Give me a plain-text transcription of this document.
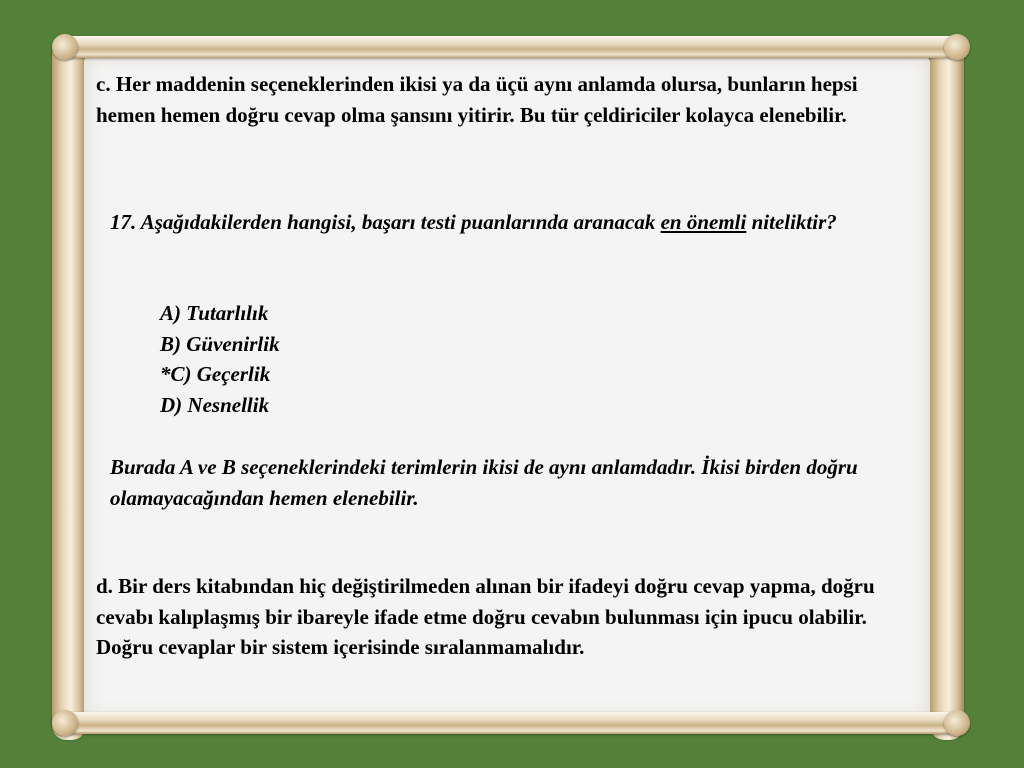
c. Her maddenin seçeneklerinden ikisi ya da üçü aynı anlamda olursa, bunların hepsi hemen hemen doğru cevap olma şansını yitirir. Bu tür çeldiriciler kolayca elenebilir.

17. Aşağıdakilerden hangisi, başarı testi puanlarında aranacak en önemli niteliktir?

A) Tutarlılık
B) Güvenirlik
*C) Geçerlik
D) Nesnellik

Burada A ve B seçeneklerindeki terimlerin ikisi de aynı anlamdadır. İkisi birden doğru olamayacağından hemen elenebilir.

d. Bir ders kitabından hiç değiştirilmeden alınan bir ifadeyi doğru cevap yapma, doğru cevabı kalıplaşmış bir ibareyle ifade etme doğru cevabın bulunması için ipucu olabilir. Doğru cevaplar bir sistem içerisinde sıralanmamalıdır.
